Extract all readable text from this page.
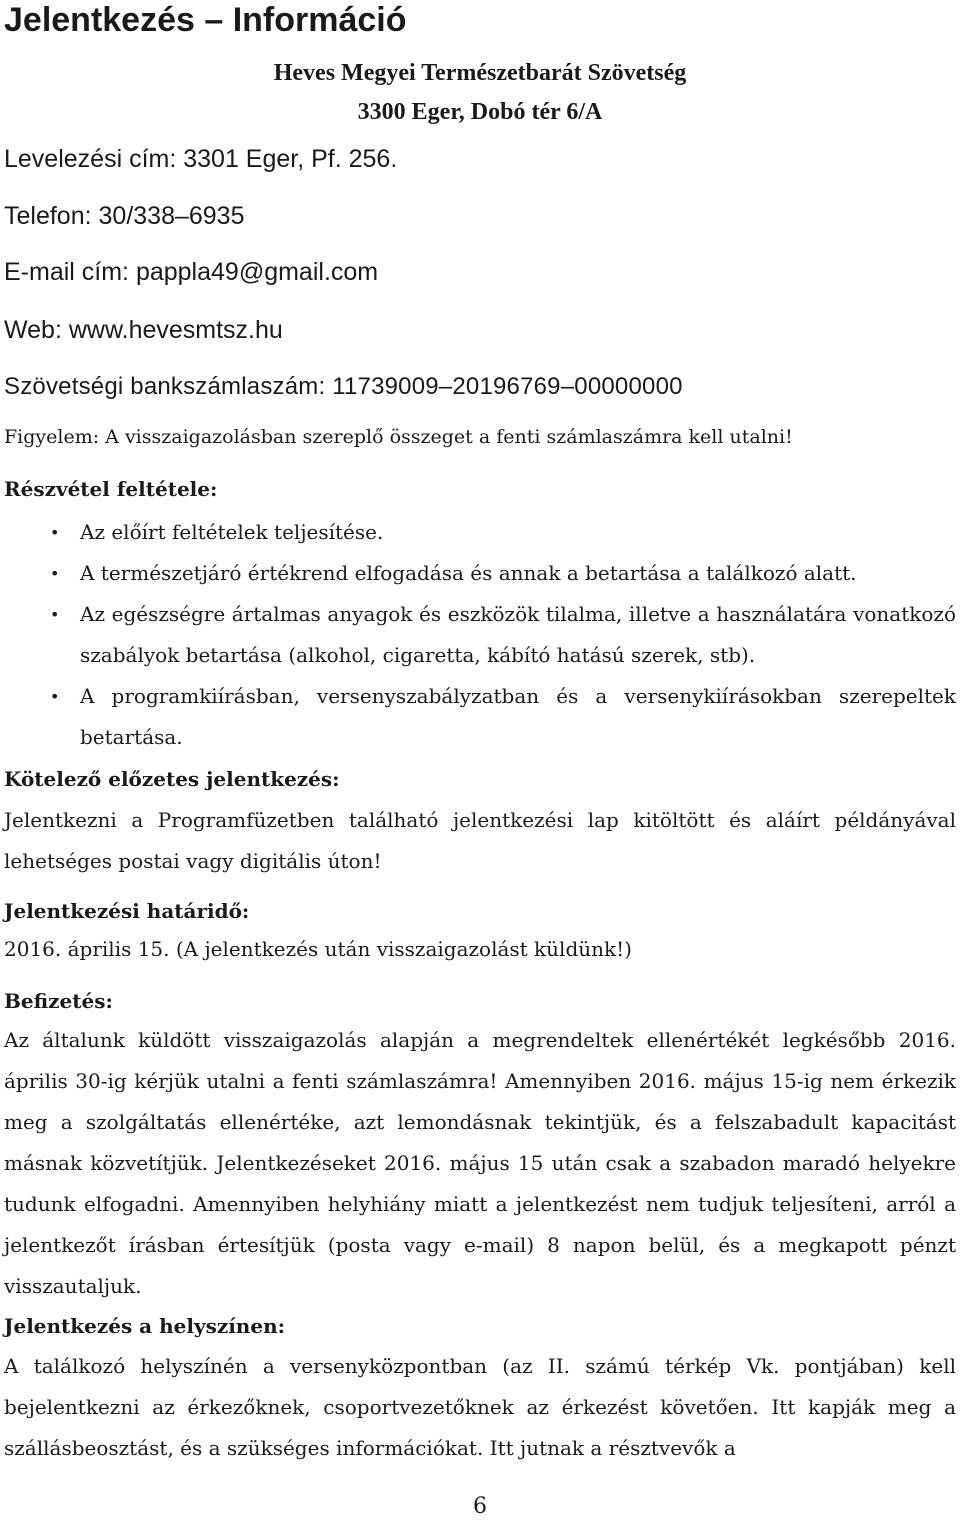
Jelentkezés – Információ
Heves Megyei Természetbarát Szövetség
3300 Eger, Dobó tér 6/A
Levelezési cím: 3301 Eger, Pf. 256.
Telefon: 30/338–6935
E-mail cím: pappla49@gmail.com
Web: www.hevesmtsz.hu
Szövetségi bankszámlaszám: 11739009–20196769–00000000
Figyelem: A visszaigazolásban szereplő összeget a fenti számlaszámra kell utalni!
Részvétel feltétele:
• Az előírt feltételek teljesítése.
• A természetjáró értékrend elfogadása és annak a betartása a találkozó alatt.
• Az egészségre ártalmas anyagok és eszközök tilalma, illetve a használatára vonatkozó szabályok betartása (alkohol, cigaretta, kábító hatású szerek, stb).
• A programkiírásban, versenyszabályzatban és a versenykiírásokban szerepeltek betartása.
Kötelező előzetes jelentkezés:
Jelentkezni a Programfüzetben található jelentkezési lap kitöltött és aláírt példányával lehetséges postai vagy digitális úton!
Jelentkezési határidő:
2016. április 15. (A jelentkezés után visszaigazolást küldünk!)
Befizetés:
Az általunk küldött visszaigazolás alapján a megrendeltek ellenértékét legkésőbb 2016. április 30-ig kérjük utalni a fenti számlaszámra! Amennyiben 2016. május 15-ig nem érkezik meg a szolgáltatás ellenértéke, azt lemondásnak tekintjük, és a felszabadult kapacitást másnak közvetítjük. Jelentkezéseket 2016. május 15 után csak a szabadon maradó helyekre tudunk elfogadni. Amennyiben helyhiány miatt a jelentkezést nem tudjuk teljesíteni, arról a jelentkezőt írásban értesítjük (posta vagy e-mail) 8 napon belül, és a megkapott pénzt visszautaljuk.
Jelentkezés a helyszínen:
A találkozó helyszínén a versenyközpontban (az II. számú térkép Vk. pontjában) kell bejelentkezni az érkezőknek, csoportvezetőknek az érkezést követően. Itt kapják meg a szállásbeosztást, és a szükséges információkat. Itt jutnak a résztvevők a
6
